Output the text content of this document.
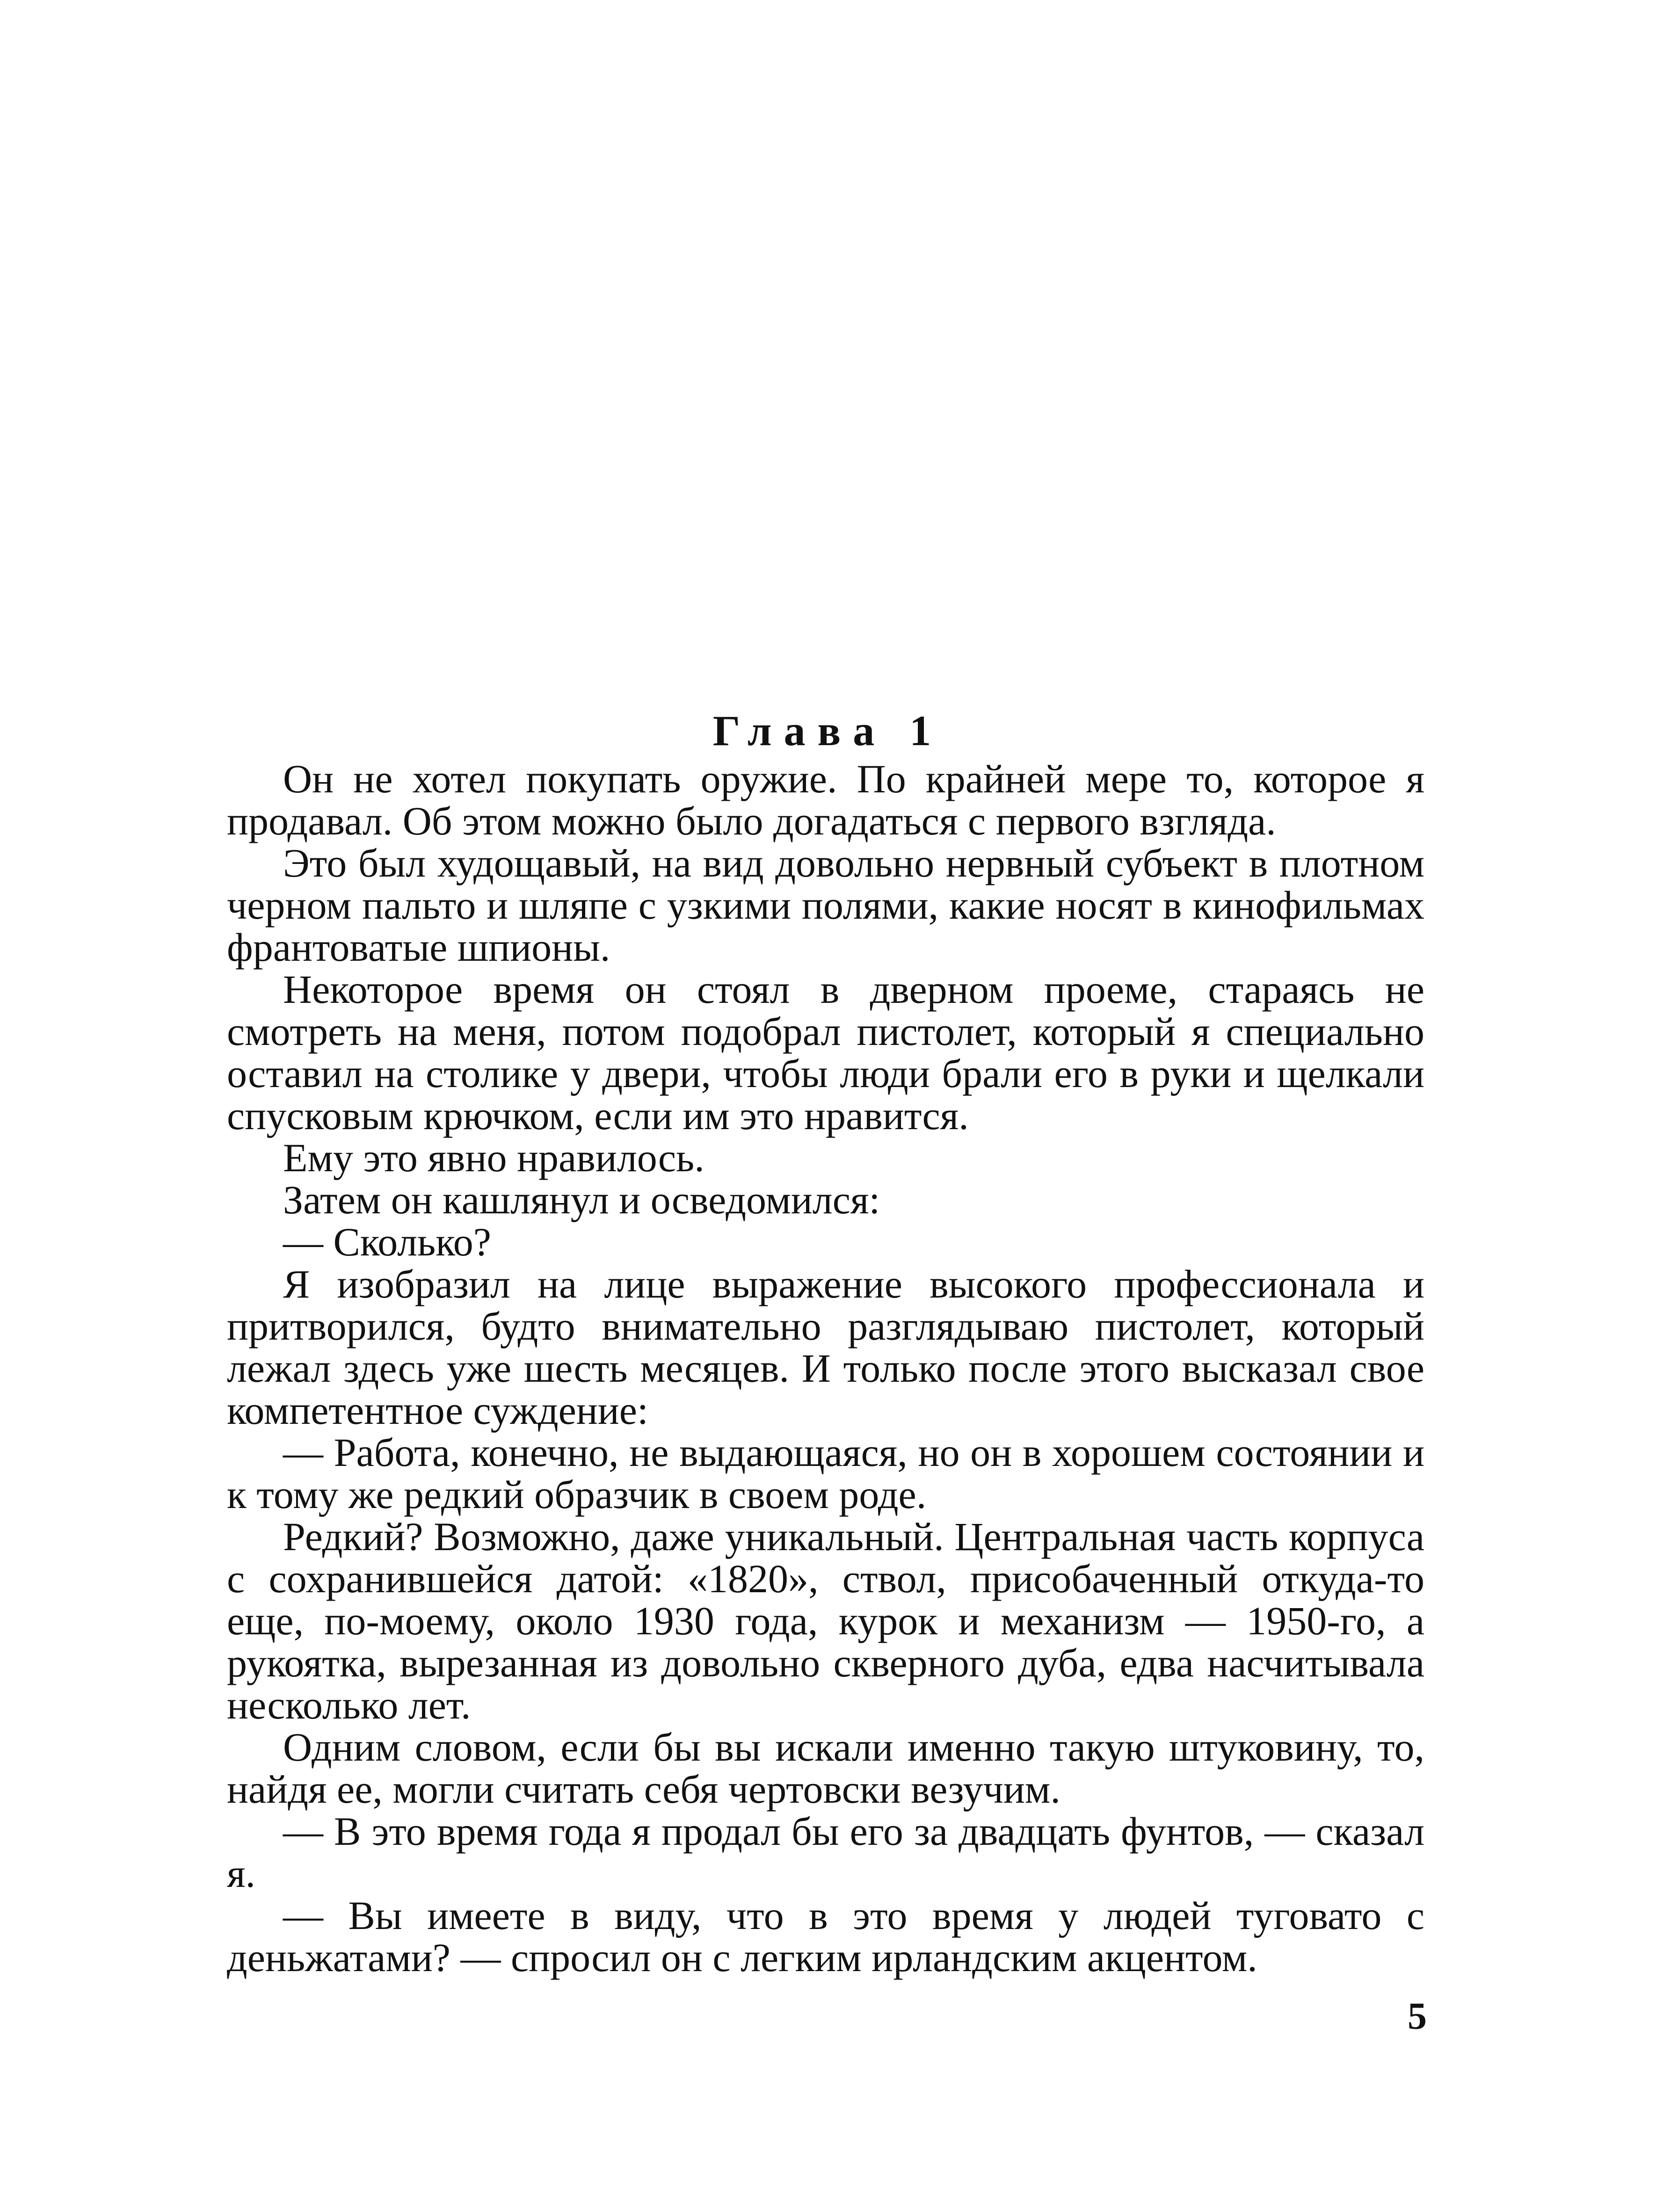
Глава 1

Он не хотел покупать оружие. По крайней мере то, которое я продавал. Об этом можно было догадаться с первого взгляда.

Это был худощавый, на вид довольно нервный субъект в плотном черном пальто и шляпе с узкими полями, какие носят в кинофильмах франтоватые шпионы.

Некоторое время он стоял в дверном проеме, стараясь не смотреть на меня, потом подобрал пистолет, который я специально оставил на столике у двери, чтобы люди брали его в руки и щелкали спусковым крючком, если им это нравится.

Ему это явно нравилось.

Затем он кашлянул и осведомился:

— Сколько?

Я изобразил на лице выражение высокого профессионала и притворился, будто внимательно разглядываю пистолет, который лежал здесь уже шесть месяцев. И только после этого высказал свое компетентное суждение:

— Работа, конечно, не выдающаяся, но он в хорошем состоянии и к тому же редкий образчик в своем роде.

Редкий? Возможно, даже уникальный. Центральная часть корпуса с сохранившейся датой: «1820», ствол, присобаченный откуда-то еще, по-моему, около 1930 года, курок и механизм — 1950-го, а рукоятка, вырезанная из довольно скверного дуба, едва насчитывала несколько лет.

Одним словом, если бы вы искали именно такую штуковину, то, найдя ее, могли считать себя чертовски везучим.

— В это время года я продал бы его за двадцать фунтов, — сказал я.

— Вы имеете в виду, что в это время у людей туговато с деньжатами? — спросил он с легким ирландским акцентом.

5
